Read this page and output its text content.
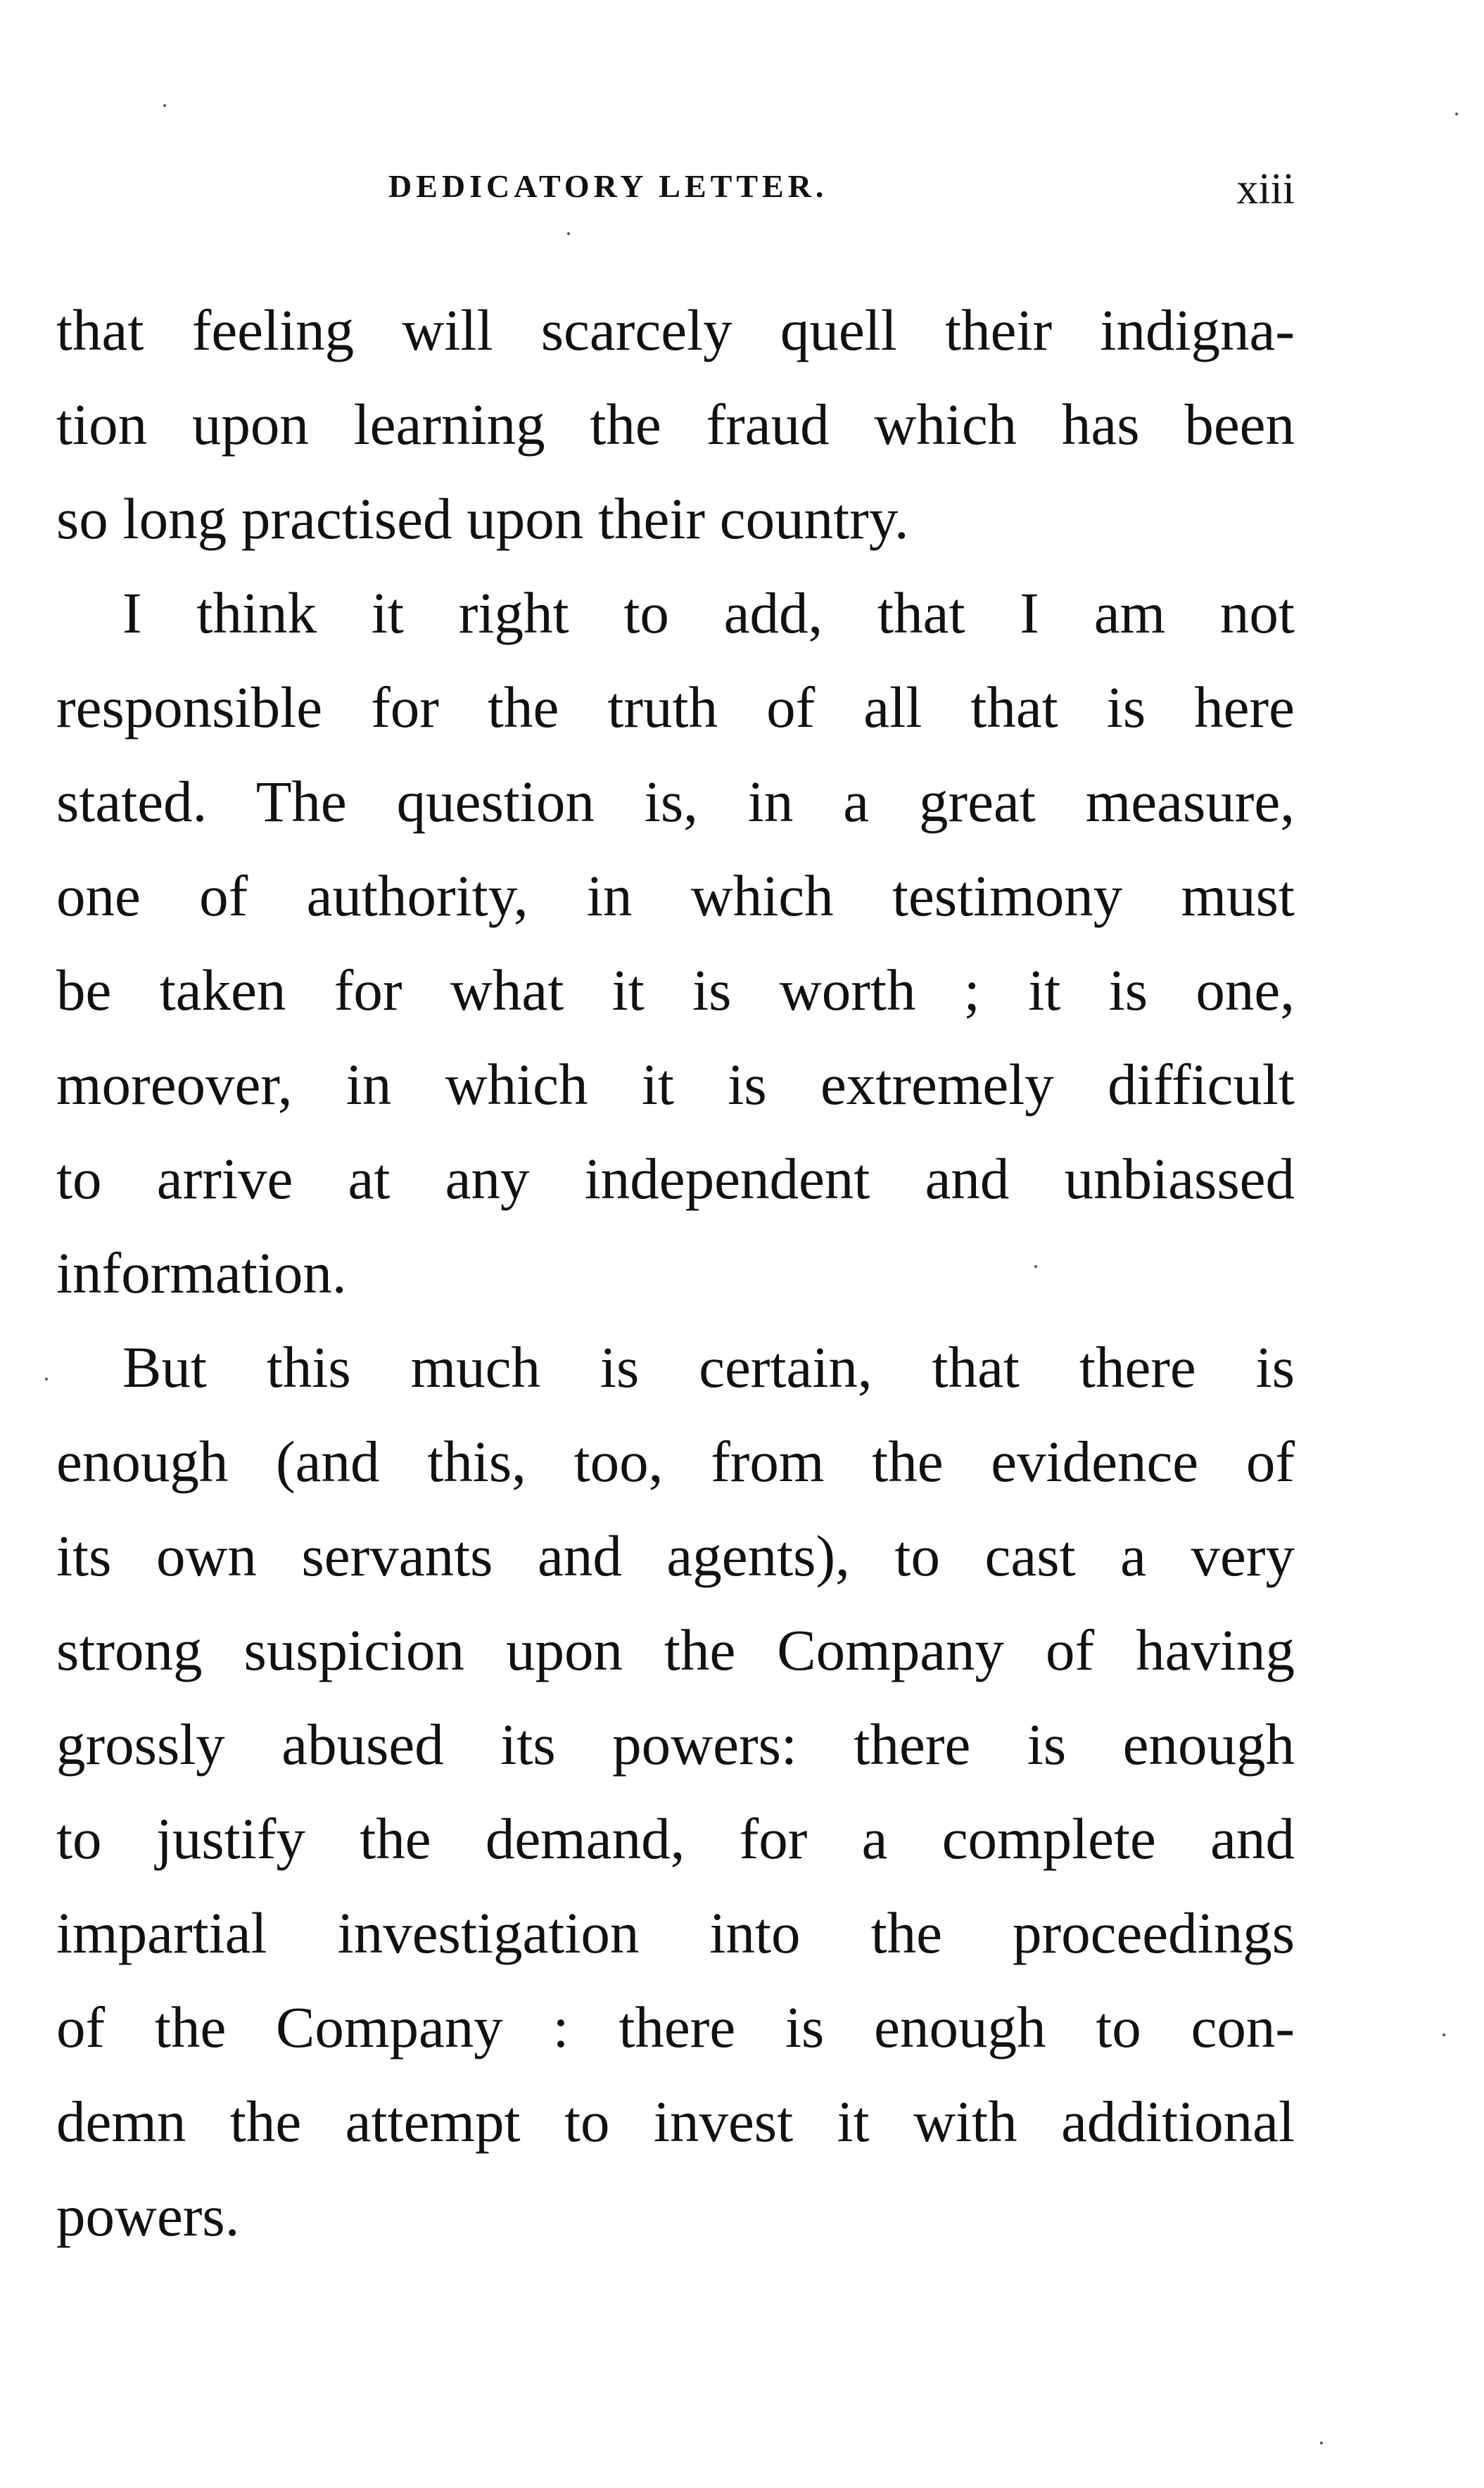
DEDICATORY LETTER.	xiii
that feeling will scarcely quell their indigna-
tion upon learning the fraud which has been
so long practised upon their country.
I think it right to add, that I am not
responsible for the truth of all that is here
stated. The question is, in a great measure,
one of authority, in which testimony must
be taken for what it is worth ; it is one,
moreover, in which it is extremely difficult
to arrive at any independent and unbiassed
information.
But this much is certain, that there is
enough (and this, too, from the evidence of
its own servants and agents), to cast a very
strong suspicion upon the Company of having
grossly abused its powers: there is enough
to justify the demand, for a complete and
impartial investigation into the proceedings
of the Company : there is enough to con-
demn the attempt to invest it with additional
powers.
